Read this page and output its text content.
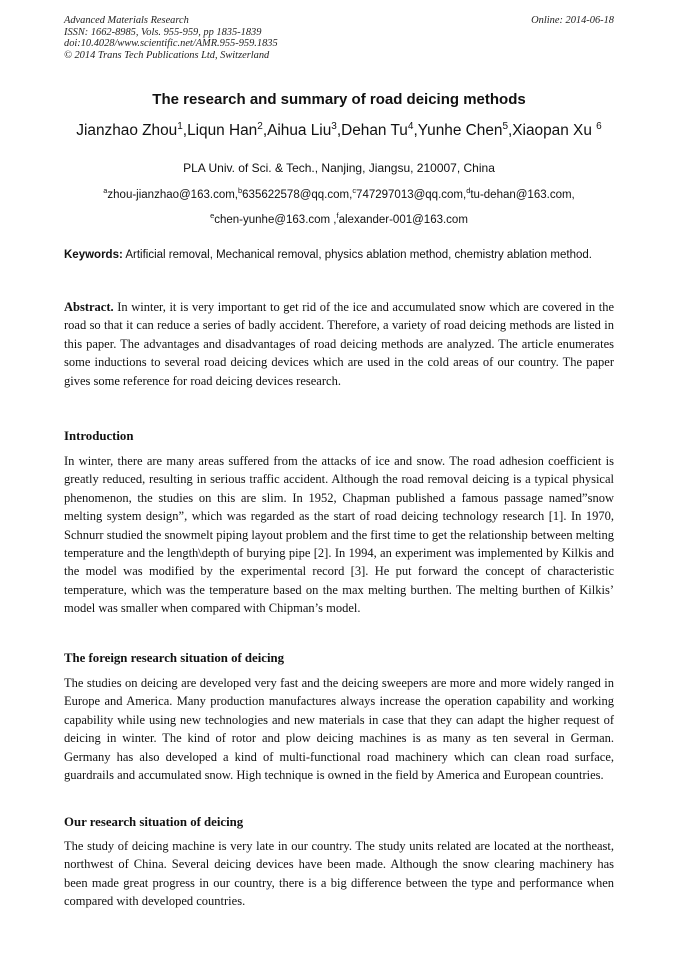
Advanced Materials Research
ISSN: 1662-8985, Vols. 955-959, pp 1835-1839
doi:10.4028/www.scientific.net/AMR.955-959.1835
© 2014 Trans Tech Publications Ltd, Switzerland
Online: 2014-06-18
The research and summary of road deicing methods
Jianzhao Zhou$^1$,Liqun Han$^2$,Aihua Liu$^3$,Dehan Tu$^4$,Yunhe Chen$^5$,Xiaopan Xu $^6$
PLA Univ. of Sci. & Tech., Nanjing, Jiangsu, 210007, China
$^a$zhou-jianzhao@163.com,$^b$635622578@qq.com,$^c$747297013@qq.com,$^d$tu-dehan@163.com,
$^e$chen-yunhe@163.com ,$^f$alexander-001@163.com
Keywords: Artificial removal, Mechanical removal, physics ablation method, chemistry ablation method.
Abstract. In winter, it is very important to get rid of the ice and accumulated snow which are covered in the road so that it can reduce a series of badly accident. Therefore, a variety of road deicing methods are listed in this paper. The advantages and disadvantages of road deicing methods are analyzed. The article enumerates some inductions to several road deicing devices which are used in the cold areas of our country. The paper gives some reference for road deicing devices research.
Introduction
In winter, there are many areas suffered from the attacks of ice and snow. The road adhesion coefficient is greatly reduced, resulting in serious traffic accident. Although the road removal deicing is a typical physical phenomenon, the studies on this are slim. In 1952, Chapman published a famous passage named”snow melting system design”, which was regarded as the start of road deicing technology research [1]. In 1970, Schnurr studied the snowmelt piping layout problem and the first time to get the relationship between melting temperature and the length\depth of burying pipe [2]. In 1994, an experiment was implemented by Kilkis and the model was modified by the experimental record [3]. He put forward the concept of characteristic temperature, which was the temperature based on the max melting burthen. The melting burthen of Kilkis’ model was smaller when compared with Chipman’s model.
The foreign research situation of deicing
The studies on deicing are developed very fast and the deicing sweepers are more and more widely ranged in Europe and America. Many production manufactures always increase the operation capability and working capability while using new technologies and new materials in case that they can adapt the higher request of deicing in winter. The kind of rotor and plow deicing machines is as many as ten several in German. Germany has also developed a kind of multi-functional road machinery which can clean road surface, guardrails and accumulated snow. High technique is owned in the field by America and European countries.
Our research situation of deicing
The study of deicing machine is very late in our country. The study units related are located at the northeast, northwest of China. Several deicing devices have been made. Although the snow clearing machinery has been made great progress in our country, there is a big difference between the type and performance when compared with developed countries.
